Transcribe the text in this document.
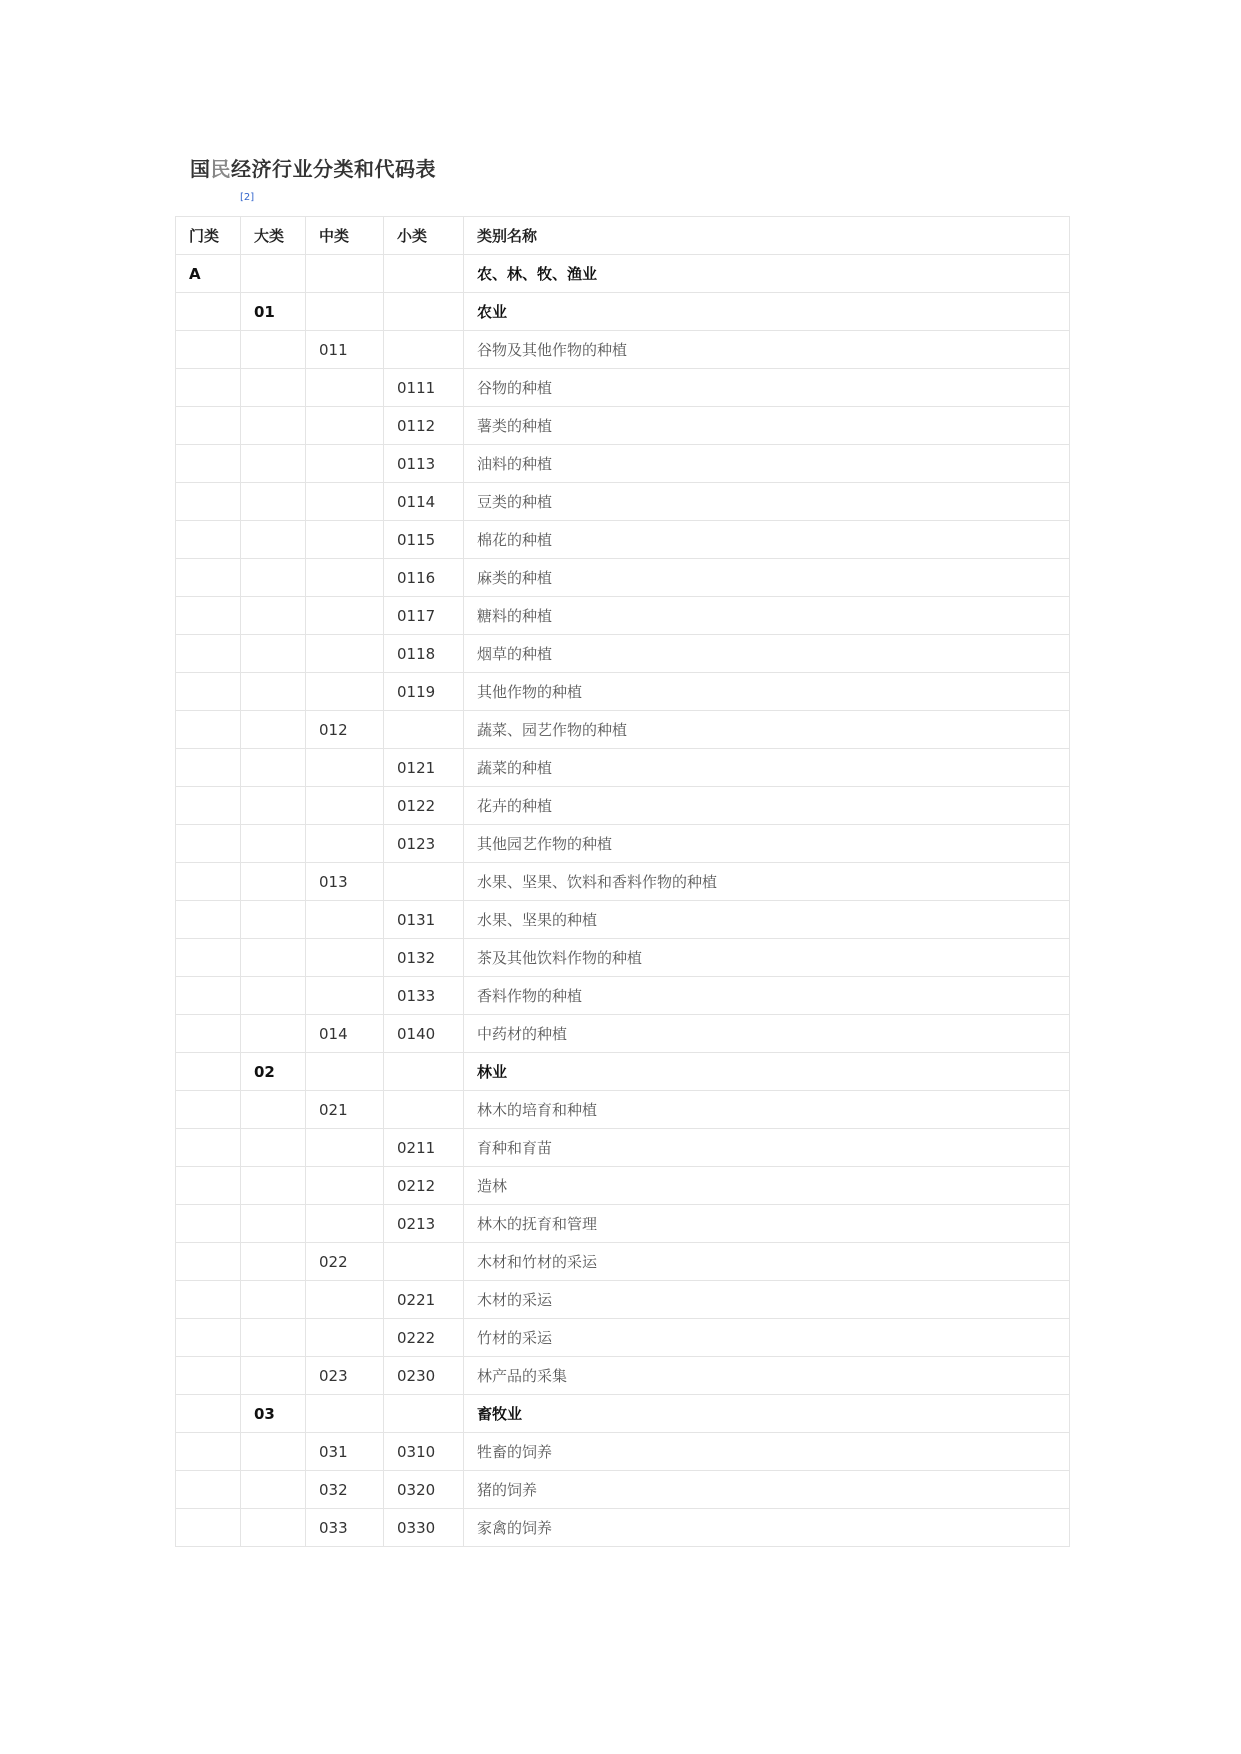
国民经济行业分类和代码表
[2]
门类	大类	中类	小类	类别名称
A				农、林、牧、渔业
	01			农业
		011		谷物及其他作物的种植
			0111	谷物的种植
			0112	薯类的种植
			0113	油料的种植
			0114	豆类的种植
			0115	棉花的种植
			0116	麻类的种植
			0117	糖料的种植
			0118	烟草的种植
			0119	其他作物的种植
		012		蔬菜、园艺作物的种植
			0121	蔬菜的种植
			0122	花卉的种植
			0123	其他园艺作物的种植
		013		水果、坚果、饮料和香料作物的种植
			0131	水果、坚果的种植
			0132	茶及其他饮料作物的种植
			0133	香料作物的种植
		014	0140	中药材的种植
	02			林业
		021		林木的培育和种植
			0211	育种和育苗
			0212	造林
			0213	林木的抚育和管理
		022		木材和竹材的采运
			0221	木材的采运
			0222	竹材的采运
		023	0230	林产品的采集
	03			畜牧业
		031	0310	牲畜的饲养
		032	0320	猪的饲养
		033	0330	家禽的饲养
